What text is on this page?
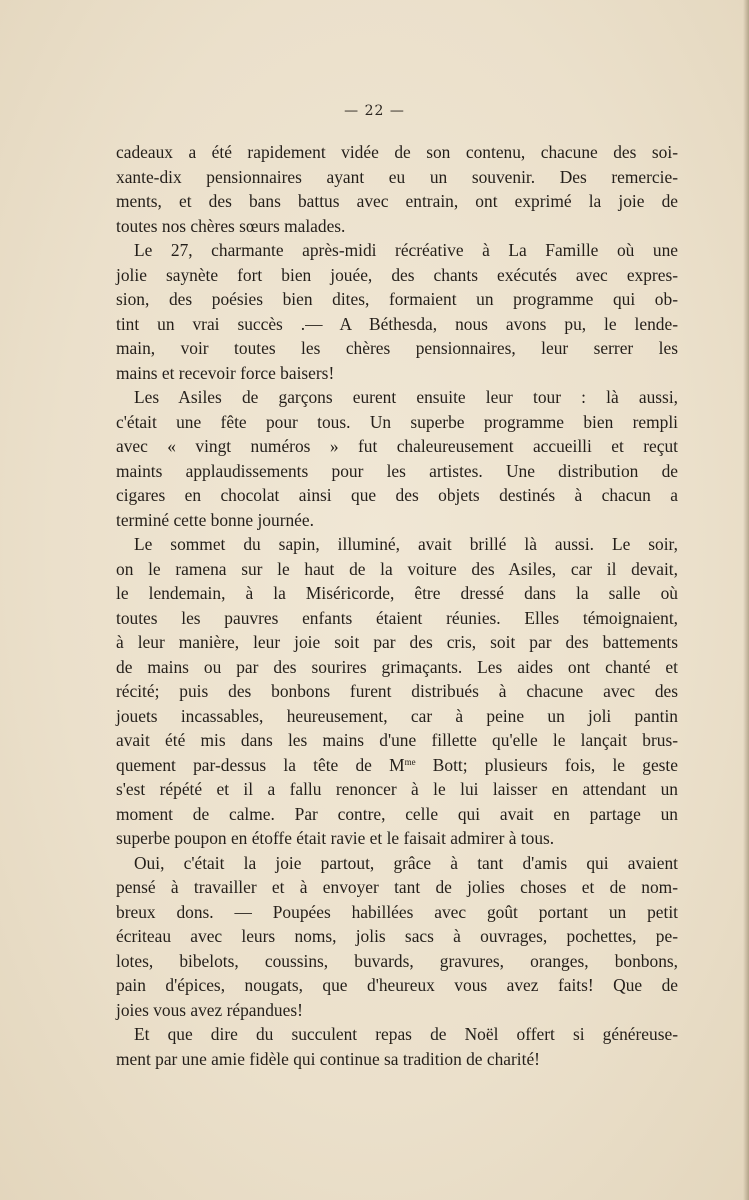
— 22 —

cadeaux a été rapidement vidée de son contenu, chacune des soi-
xante-dix pensionnaires ayant eu un souvenir. Des remercie-
ments, et des bans battus avec entrain, ont exprimé la joie de
toutes nos chères sœurs malades.

Le 27, charmante après-midi récréative à La Famille où une
jolie saynète fort bien jouée, des chants exécutés avec expres-
sion, des poésies bien dites, formaient un programme qui ob-
tint un vrai succès .— A Béthesda, nous avons pu, le lende-
main, voir toutes les chères pensionnaires, leur serrer les
mains et recevoir force baisers!

Les Asiles de garçons eurent ensuite leur tour : là aussi,
c'était une fête pour tous. Un superbe programme bien rempli
avec « vingt numéros » fut chaleureusement accueilli et reçut
maints applaudissements pour les artistes. Une distribution de
cigares en chocolat ainsi que des objets destinés à chacun a
terminé cette bonne journée.

Le sommet du sapin, illuminé, avait brillé là aussi. Le soir,
on le ramena sur le haut de la voiture des Asiles, car il devait,
le lendemain, à la Miséricorde, être dressé dans la salle où
toutes les pauvres enfants étaient réunies. Elles témoignaient,
à leur manière, leur joie soit par des cris, soit par des battements
de mains ou par des sourires grimaçants. Les aides ont chanté et
récité; puis des bonbons furent distribués à chacune avec des
jouets incassables, heureusement, car à peine un joli pantin
avait été mis dans les mains d'une fillette qu'elle le lançait brus-
quement par-dessus la tête de $M^{me}$ Bott; plusieurs fois, le geste
s'est répété et il a fallu renoncer à le lui laisser en attendant un
moment de calme. Par contre, celle qui avait en partage un
superbe poupon en étoffe était ravie et le faisait admirer à tous.

Oui, c'était la joie partout, grâce à tant d'amis qui avaient
pensé à travailler et à envoyer tant de jolies choses et de nom-
breux dons. — Poupées habillées avec goût portant un petit
écriteau avec leurs noms, jolis sacs à ouvrages, pochettes, pe-
lotes, bibelots, coussins, buvards, gravures, oranges, bonbons,
pain d'épices, nougats, que d'heureux vous avez faits! Que de
joies vous avez répandues!

Et que dire du succulent repas de Noël offert si généreuse-
ment par une amie fidèle qui continue sa tradition de charité!
